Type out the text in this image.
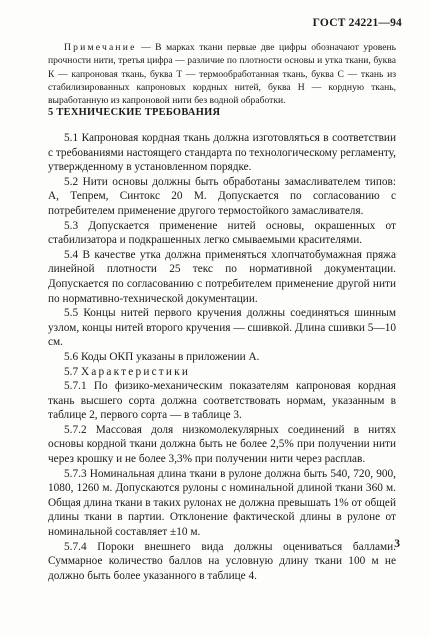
ГОСТ 24221—94
Примечание — В марках ткани первые две цифры обозначают уровень прочности нити, третья цифра — различие по плотности основы и утка ткани, буква К — капроновая ткань, буква Т — термообработанная ткань, буква С — ткань из стабилизированных капроновых кордных нитей, буква Н — кордную ткань, выработанную из капроновой нити без водной обработки.
5 ТЕХНИЧЕСКИЕ ТРЕБОВАНИЯ

5.1 Капроновая кордная ткань должна изготовляться в соответствии с требованиями настоящего стандарта по технологическому регламенту, утвержденному в установленном порядке.

5.2 Нити основы должны быть обработаны замасливателем типов: А, Тепрем, Синтокс 20 М. Допускается по согласованию с потребителем применение другого термостойкого замасливателя.

5.3 Допускается применение нитей основы, окрашенных от стабилизатора и подкрашенных легко смываемыми красителями.

5.4 В качестве утка должна применяться хлопчатобумажная пряжа линейной плотности 25 текс по нормативной документации. Допускается по согласованию с потребителем применение другой нити по нормативно-технической документации.

5.5 Концы нитей первого кручения должны соединяться шинным узлом, концы нитей второго кручения — сшивкой. Длина сшивки 5—10 см.

5.6 Коды ОКП указаны в приложении А.

5.7 Характеристики

5.7.1 По физико-механическим показателям капроновая кордная ткань высшего сорта должна соответствовать нормам, указанным в таблице 2, первого сорта — в таблице 3.

5.7.2 Массовая доля низкомолекулярных соединений в нитях основы кордной ткани должна быть не более 2,5% при получении нити через крошку и не более 3,3% при получении нити через расплав.

5.7.3 Номинальная длина ткани в рулоне должна быть 540, 720, 900, 1080, 1260 м. Допускаются рулоны с номинальной длиной ткани 360 м. Общая длина ткани в таких рулонах не должна превышать 1% от общей длины ткани в партии. Отклонение фактической длины в рулоне от номинальной составляет ±10 м.

5.7.4 Пороки внешнего вида должны оцениваться баллами. Суммарное количество баллов на условную длину ткани 100 м не должно быть более указанного в таблице 4.

3
